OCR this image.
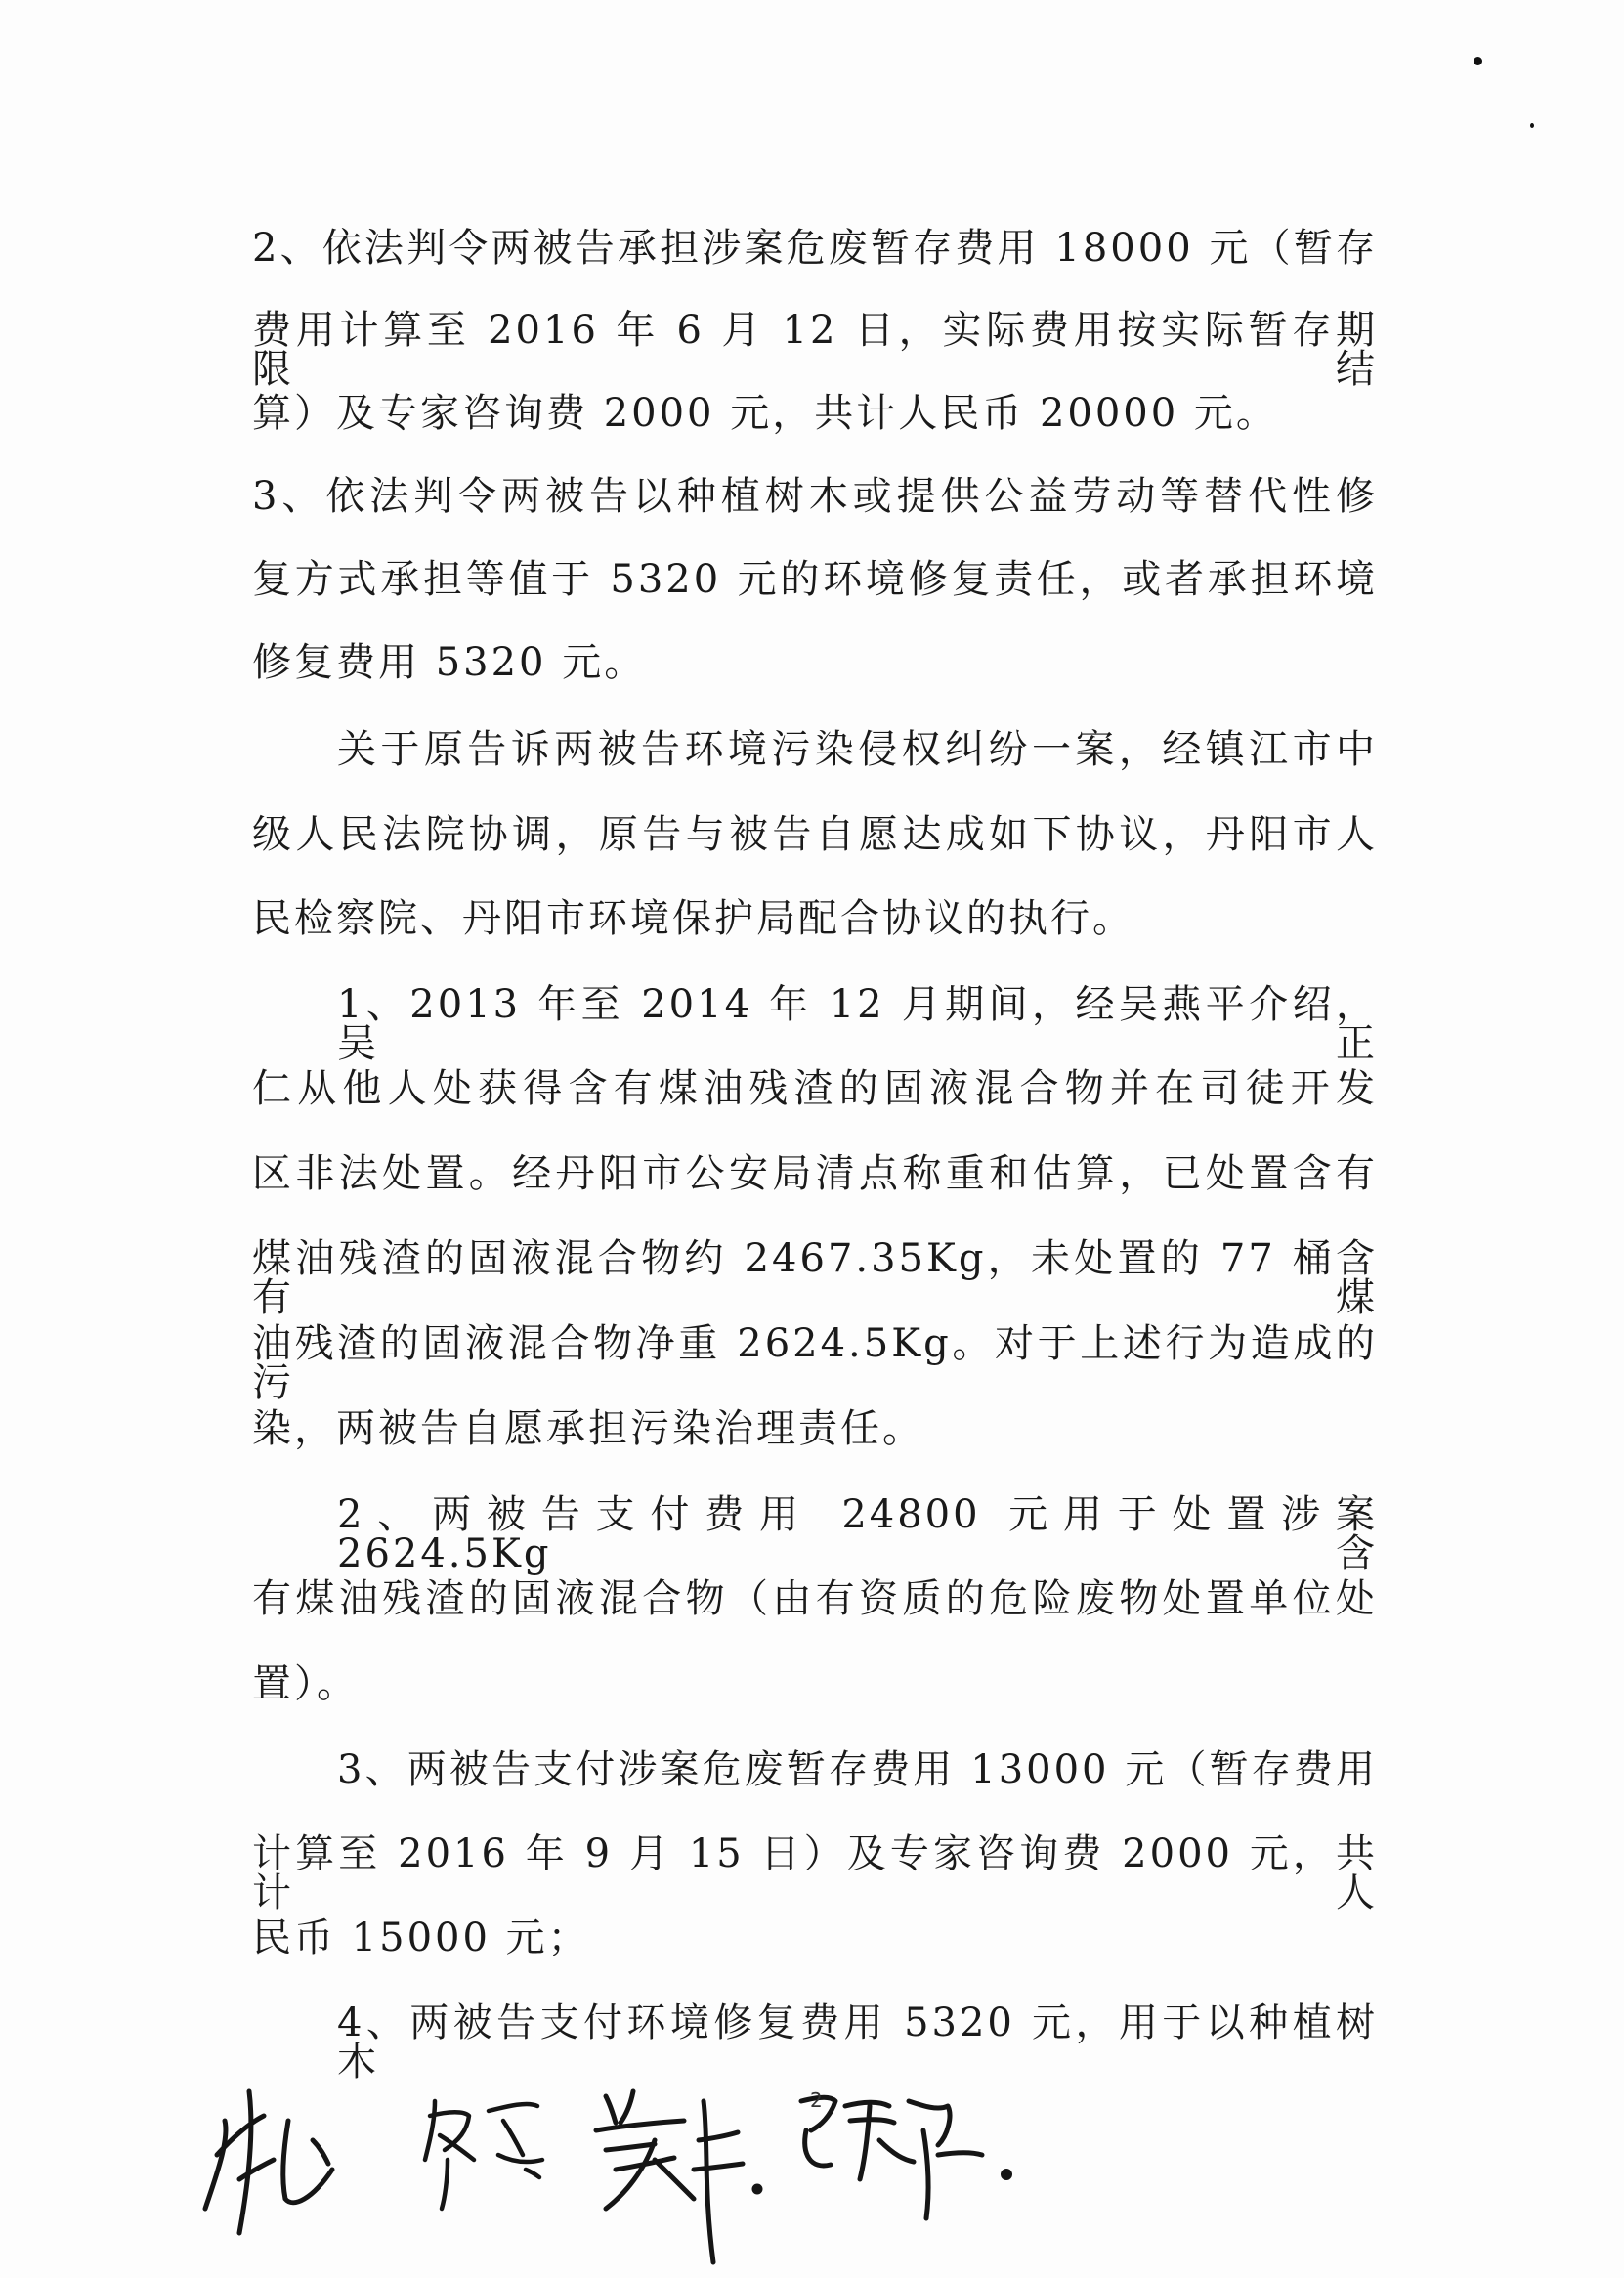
2、依法判令两被告承担涉案危废暂存费用 18000 元（暂存
费用计算至 2016 年 6 月 12 日，实际费用按实际暂存期限结
算）及专家咨询费 2000 元，共计人民币 20000 元。
3、依法判令两被告以种植树木或提供公益劳动等替代性修
复方式承担等值于 5320 元的环境修复责任，或者承担环境
修复费用 5320 元。
关于原告诉两被告环境污染侵权纠纷一案，经镇江市中
级人民法院协调，原告与被告自愿达成如下协议，丹阳市人
民检察院、丹阳市环境保护局配合协议的执行。
1、2013 年至 2014 年 12 月期间，经吴燕平介绍，吴正
仁从他人处获得含有煤油残渣的固液混合物并在司徒开发
区非法处置。经丹阳市公安局清点称重和估算，已处置含有
煤油残渣的固液混合物约 2467.35Kg，未处置的 77 桶含有煤
油残渣的固液混合物净重 2624.5Kg。对于上述行为造成的污
染，两被告自愿承担污染治理责任。
2、两被告支付费用 24800 元用于处置涉案 2624.5Kg 含
有煤油残渣的固液混合物（由有资质的危险废物处置单位处
置）。
3、两被告支付涉案危废暂存费用 13000 元（暂存费用
计算至 2016 年 9 月 15 日）及专家咨询费 2000 元，共计人
民币 15000 元；
4、两被告支付环境修复费用 5320 元，用于以种植树木
2
